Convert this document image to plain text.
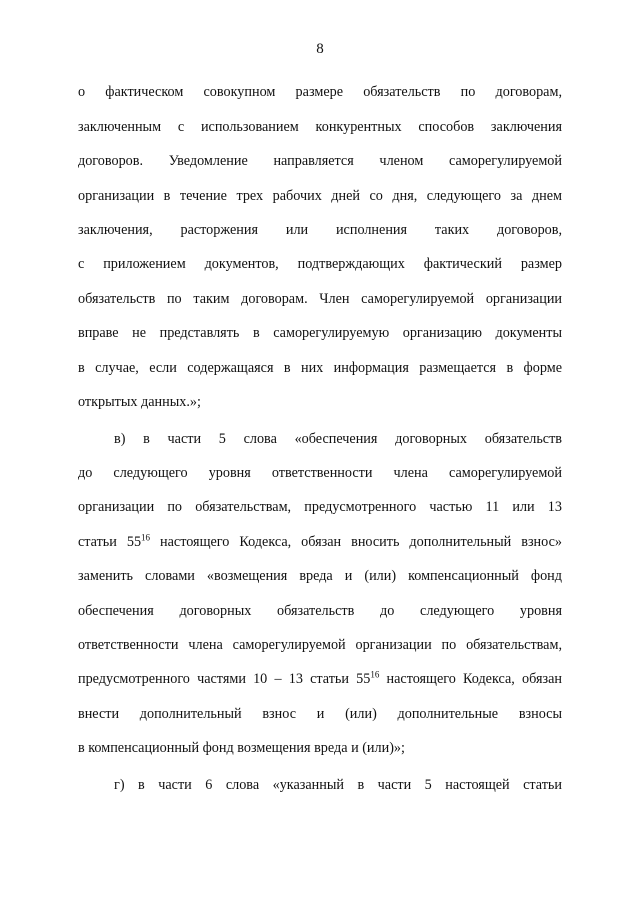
8
о фактическом совокупном размере обязательств по договорам,
заключенным с использованием конкурентных способов заключения
договоров. Уведомление направляется членом саморегулируемой
организации в течение трех рабочих дней со дня, следующего за днем
заключения, расторжения или исполнения таких договоров,
с приложением документов, подтверждающих фактический размер
обязательств по таким договорам. Член саморегулируемой организации
вправе не представлять в саморегулируемую организацию документы
в случае, если содержащаяся в них информация размещается в форме
открытых данных.»;
в) в части 5 слова «обеспечения договорных обязательств
до следующего уровня ответственности члена саморегулируемой
организации по обязательствам, предусмотренного частью 11 или 13
статьи $55^{16}$ настоящего Кодекса, обязан вносить дополнительный взнос»
заменить словами «возмещения вреда и (или) компенсационный фонд
обеспечения договорных обязательств до следующего уровня
ответственности члена саморегулируемой организации по обязательствам,
предусмотренного частями 10 – 13 статьи $55^{16}$ настоящего Кодекса, обязан
внести дополнительный взнос и (или) дополнительные взносы
в компенсационный фонд возмещения вреда и (или)»;
г) в части 6 слова «указанный в части 5 настоящей статьи
